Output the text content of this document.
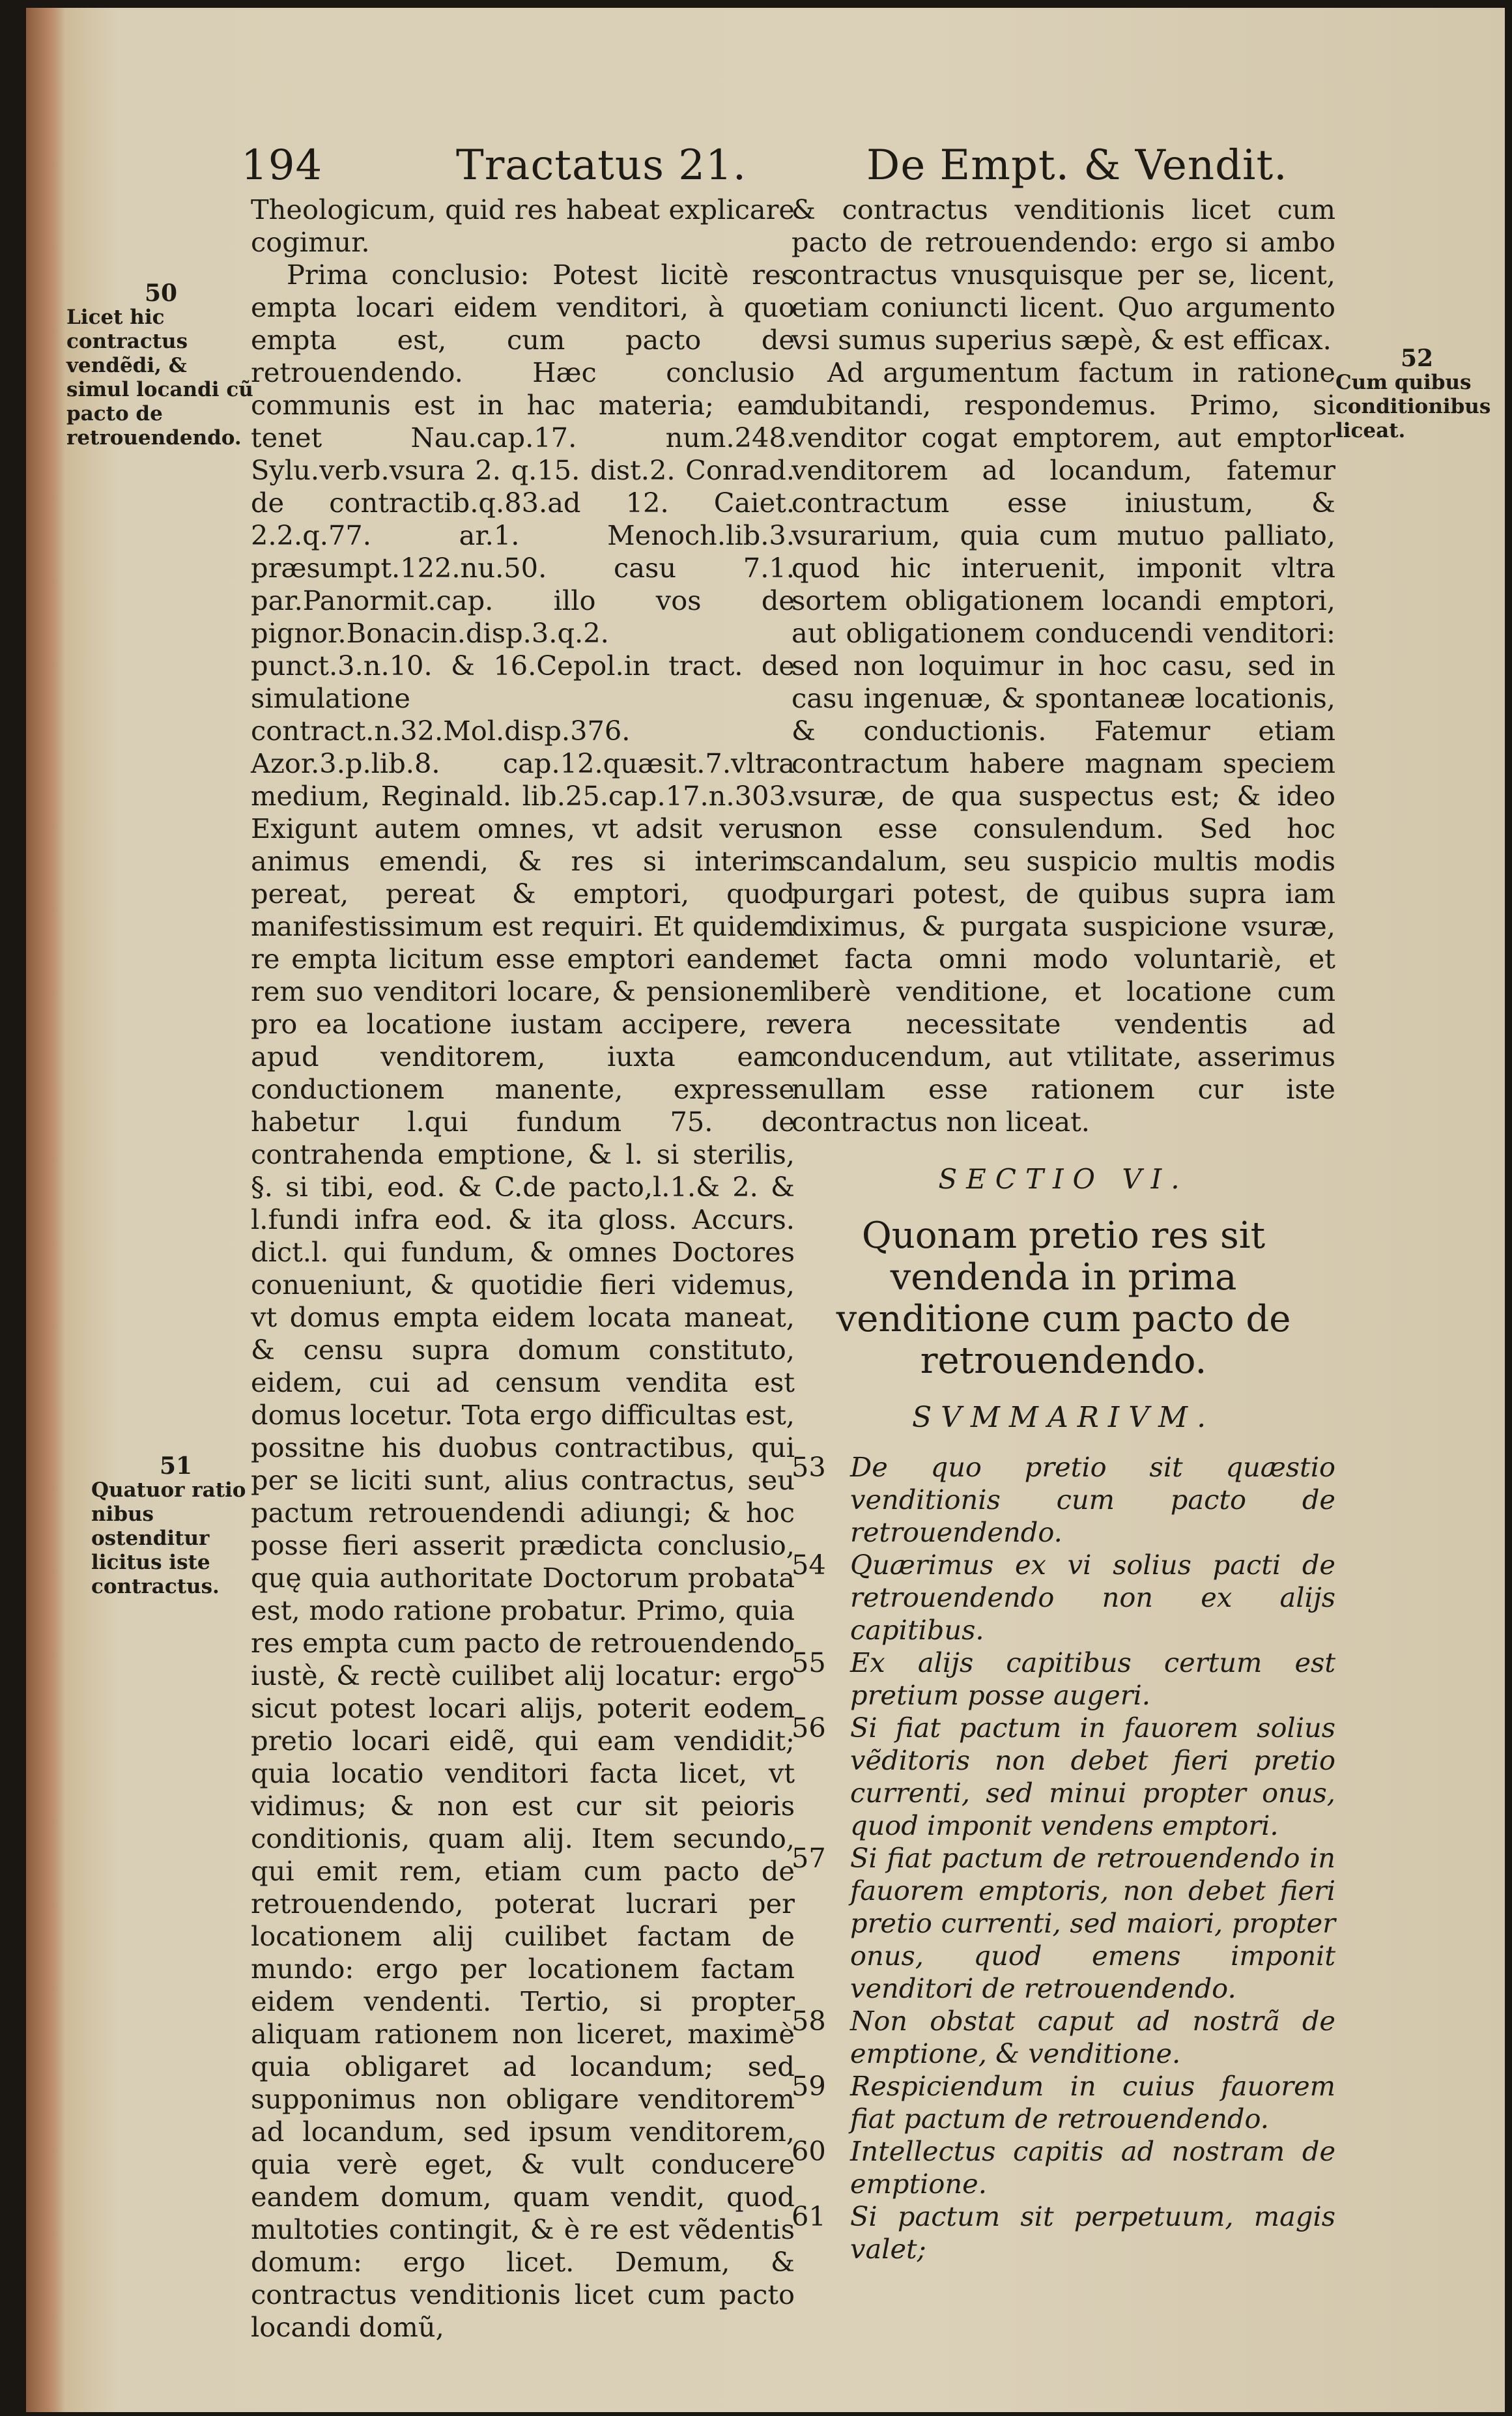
194	Tractatus 21.	De Empt. & Vendit.
50
Licet hic contractus vendẽdi, & simul locandi cũ pacto de retrouendendo.
51
Quatuor ratio nibus ostenditur licitus iste contractus.
52
Cum quibus conditionibus liceat.

Theologicum, quid res habeat explicare cogimur.

Prima conclusio: Potest licitè res empta locari eidem venditori, à quo empta est, cum pacto de retrouendendo. Hæc conclusio communis est in hac materia; eam tenet Nau.cap.17. num.248. Sylu.verb.vsura 2. q.15. dist.2. Conrad. de contractib.q.83.ad 12. Caiet. 2.2.q.77. ar.1. Menoch.lib.3. præsumpt.122.nu.50. casu 7.1. par.Panormit.cap. illo vos de pignor.Bonacin.disp.3.q.2. punct.3.n.10. & 16.Cepol.in tract. de simulatione contract.n.32.Mol.disp.376. Azor.3.p.lib.8. cap.12.quæsit.7.vltra medium, Reginald. lib.25.cap.17.n.303. Exigunt autem omnes, vt adsit verus animus emendi, & res si interim pereat, pereat & emptori, quod manifestissimum est requiri. Et quidem re empta licitum esse emptori eandem rem suo venditori locare, & pensionem pro ea locatione iustam accipere, re apud venditorem, iuxta eam conductionem manente, expresse habetur l.qui fundum 75. de contrahenda emptione, & l. si sterilis, §. si tibi, eod. & C.de pacto,l.1.& 2. & l.fundi infra eod. & ita gloss. Accurs. dict.l. qui fundum, & omnes Doctores conueniunt, & quotidie fieri videmus, vt domus empta eidem locata maneat, & censu supra domum constituto, eidem, cui ad censum vendita est domus locetur. Tota ergo difficultas est, possitne his duobus contractibus, qui per se liciti sunt, alius contractus, seu pactum retrouendendi adiungi; & hoc posse fieri asserit prædicta conclusio, quę quia authoritate Doctorum probata est, modo ratione probatur. Primo, quia res empta cum pacto de retrouendendo iustè, & rectè cuilibet alij locatur: ergo sicut potest locari alijs, poterit eodem pretio locari eidẽ, qui eam vendidit; quia locatio venditori facta licet, vt vidimus; & non est cur sit peioris conditionis, quam alij. Item secundo, qui emit rem, etiam cum pacto de retrouendendo, poterat lucrari per locationem alij cuilibet factam de mundo: ergo per locationem factam eidem vendenti. Tertio, si propter aliquam rationem non liceret, maximè quia obligaret ad locandum; sed supponimus non obligare venditorem ad locandum, sed ipsum venditorem, quia verè eget, & vult conducere eandem domum, quam vendit, quod multoties contingit, & è re est vẽdentis domum: ergo licet. Demum, & contractus venditionis licet cum pacto locandi domũ,

& contractus venditionis licet cum pacto de retrouendendo: ergo si ambo contractus vnusquisque per se, licent, etiam coniuncti licent. Quo argumento vsi sumus superius sæpè, & est efficax.

Ad argumentum factum in ratione dubitandi, respondemus. Primo, si venditor cogat emptorem, aut emptor venditorem ad locandum, fatemur contractum esse iniustum, & vsurarium, quia cum mutuo palliato, quod hic interuenit, imponit vltra sortem obligationem locandi emptori, aut obligationem conducendi venditori: sed non loquimur in hoc casu, sed in casu ingenuæ, & spontaneæ locationis, & conductionis. Fatemur etiam contractum habere magnam speciem vsuræ, de qua suspectus est; & ideo non esse consulendum. Sed hoc scandalum, seu suspicio multis modis purgari potest, de quibus supra iam diximus, & purgata suspicione vsuræ, et facta omni modo voluntariè, et liberè venditione, et locatione cum vera necessitate vendentis ad conducendum, aut vtilitate, asserimus nullam esse rationem cur iste contractus non liceat.

SECTIO VI.
Quonam pretio res sit vendenda in prima venditione cum pacto de retrouendendo.
SVMMARIVM.
53 De quo pretio sit quæstio venditionis cum pacto de retrouendendo.
54 Quærimus ex vi solius pacti de retrouendendo non ex alijs capitibus.
55 Ex alijs capitibus certum est pretium posse augeri.
56 Si fiat pactum in fauorem solius vẽditoris non debet fieri pretio currenti, sed minui propter onus, quod imponit vendens emptori.
57 Si fiat pactum de retrouendendo in fauorem emptoris, non debet fieri pretio currenti, sed maiori, propter onus, quod emens imponit venditori de retrouendendo.
58 Non obstat caput ad nostrã de emptione, & venditione.
59 Respiciendum in cuius fauorem fiat pactum de retrouendendo.
60 Intellectus capitis ad nostram de emptione.
61 Si pactum sit perpetuum, magis valet;
